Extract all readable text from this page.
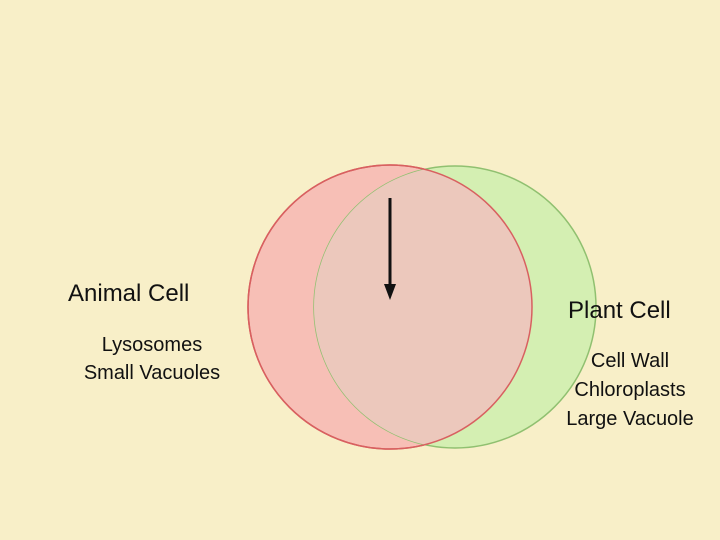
Animal Cell
Lysosomes
Small Vacuoles
Plant Cell
Cell Wall
Chloroplasts
Large Vacuole
